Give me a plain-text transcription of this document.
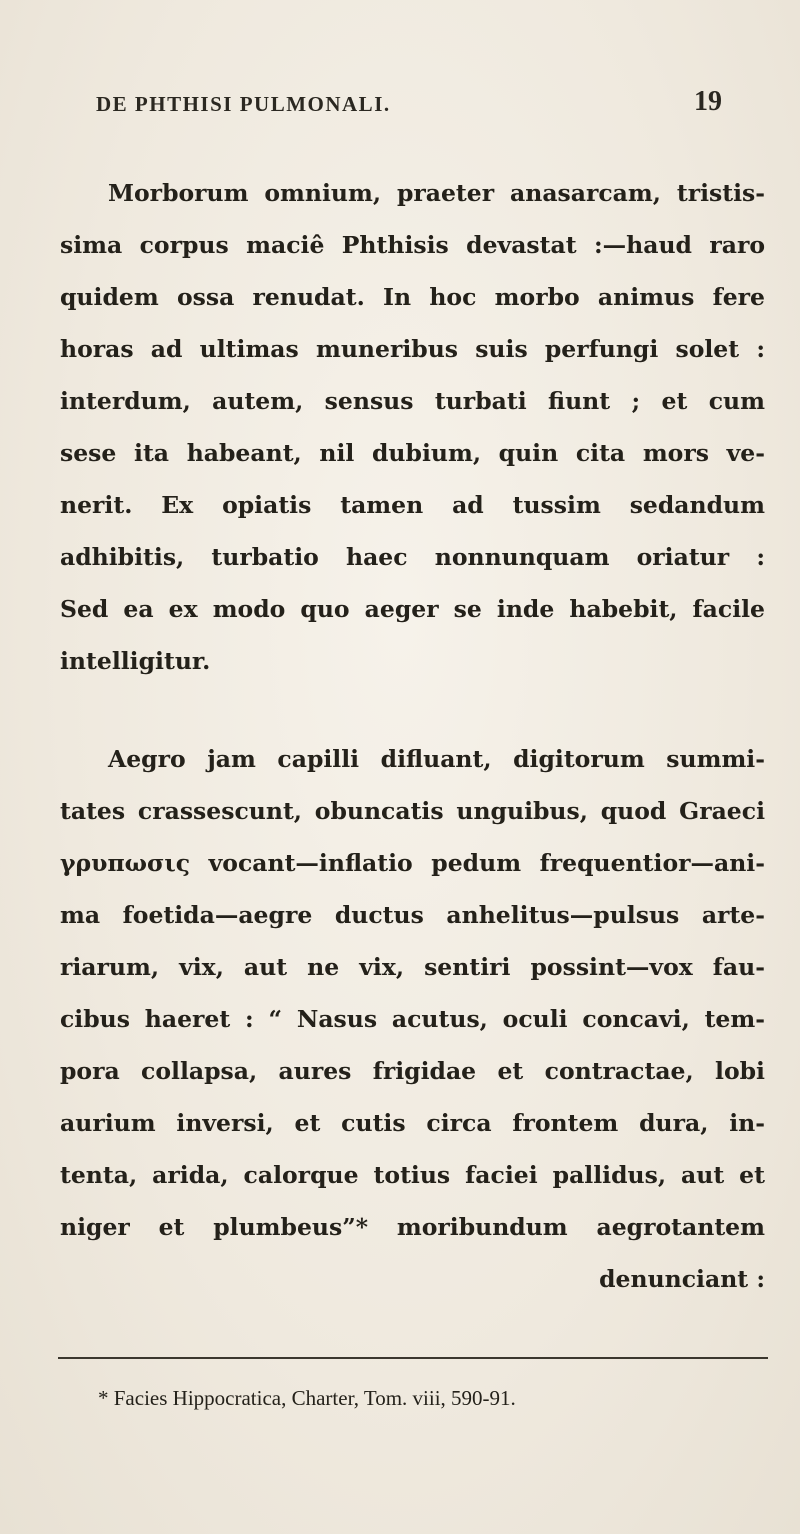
DE PHTHISI PULMONALI.	19
Morborum omnium, praeter anasarcam, tristis-
sima corpus maciê Phthisis devastat :—haud raro
quidem ossa renudat. In hoc morbo animus fere
horas ad ultimas muneribus suis perfungi solet :
interdum, autem, sensus turbati fiunt ; et cum
sese ita habeant, nil dubium, quin cita mors ve-
nerit. Ex opiatis tamen ad tussim sedandum
adhibitis, turbatio haec nonnunquam oriatur :
Sed ea ex modo quo aeger se inde habebit, facile
intelligitur.
Aegro jam capilli difluant, digitorum summi-
tates crassescunt, obuncatis unguibus, quod Graeci
γρυπωσις vocant—inflatio pedum frequentior—ani-
ma foetida—aegre ductus anhelitus—pulsus arte-
riarum, vix, aut ne vix, sentiri possint—vox fau-
cibus haeret : “ Nasus acutus, oculi concavi, tem-
pora collapsa, aures frigidae et contractae, lobi
aurium inversi, et cutis circa frontem dura, in-
tenta, arida, calorque totius faciei pallidus, aut et
niger et plumbeus”* moribundum aegrotantem
denunciant :
* Facies Hippocratica, Charter, Tom. viii, 590-91.
